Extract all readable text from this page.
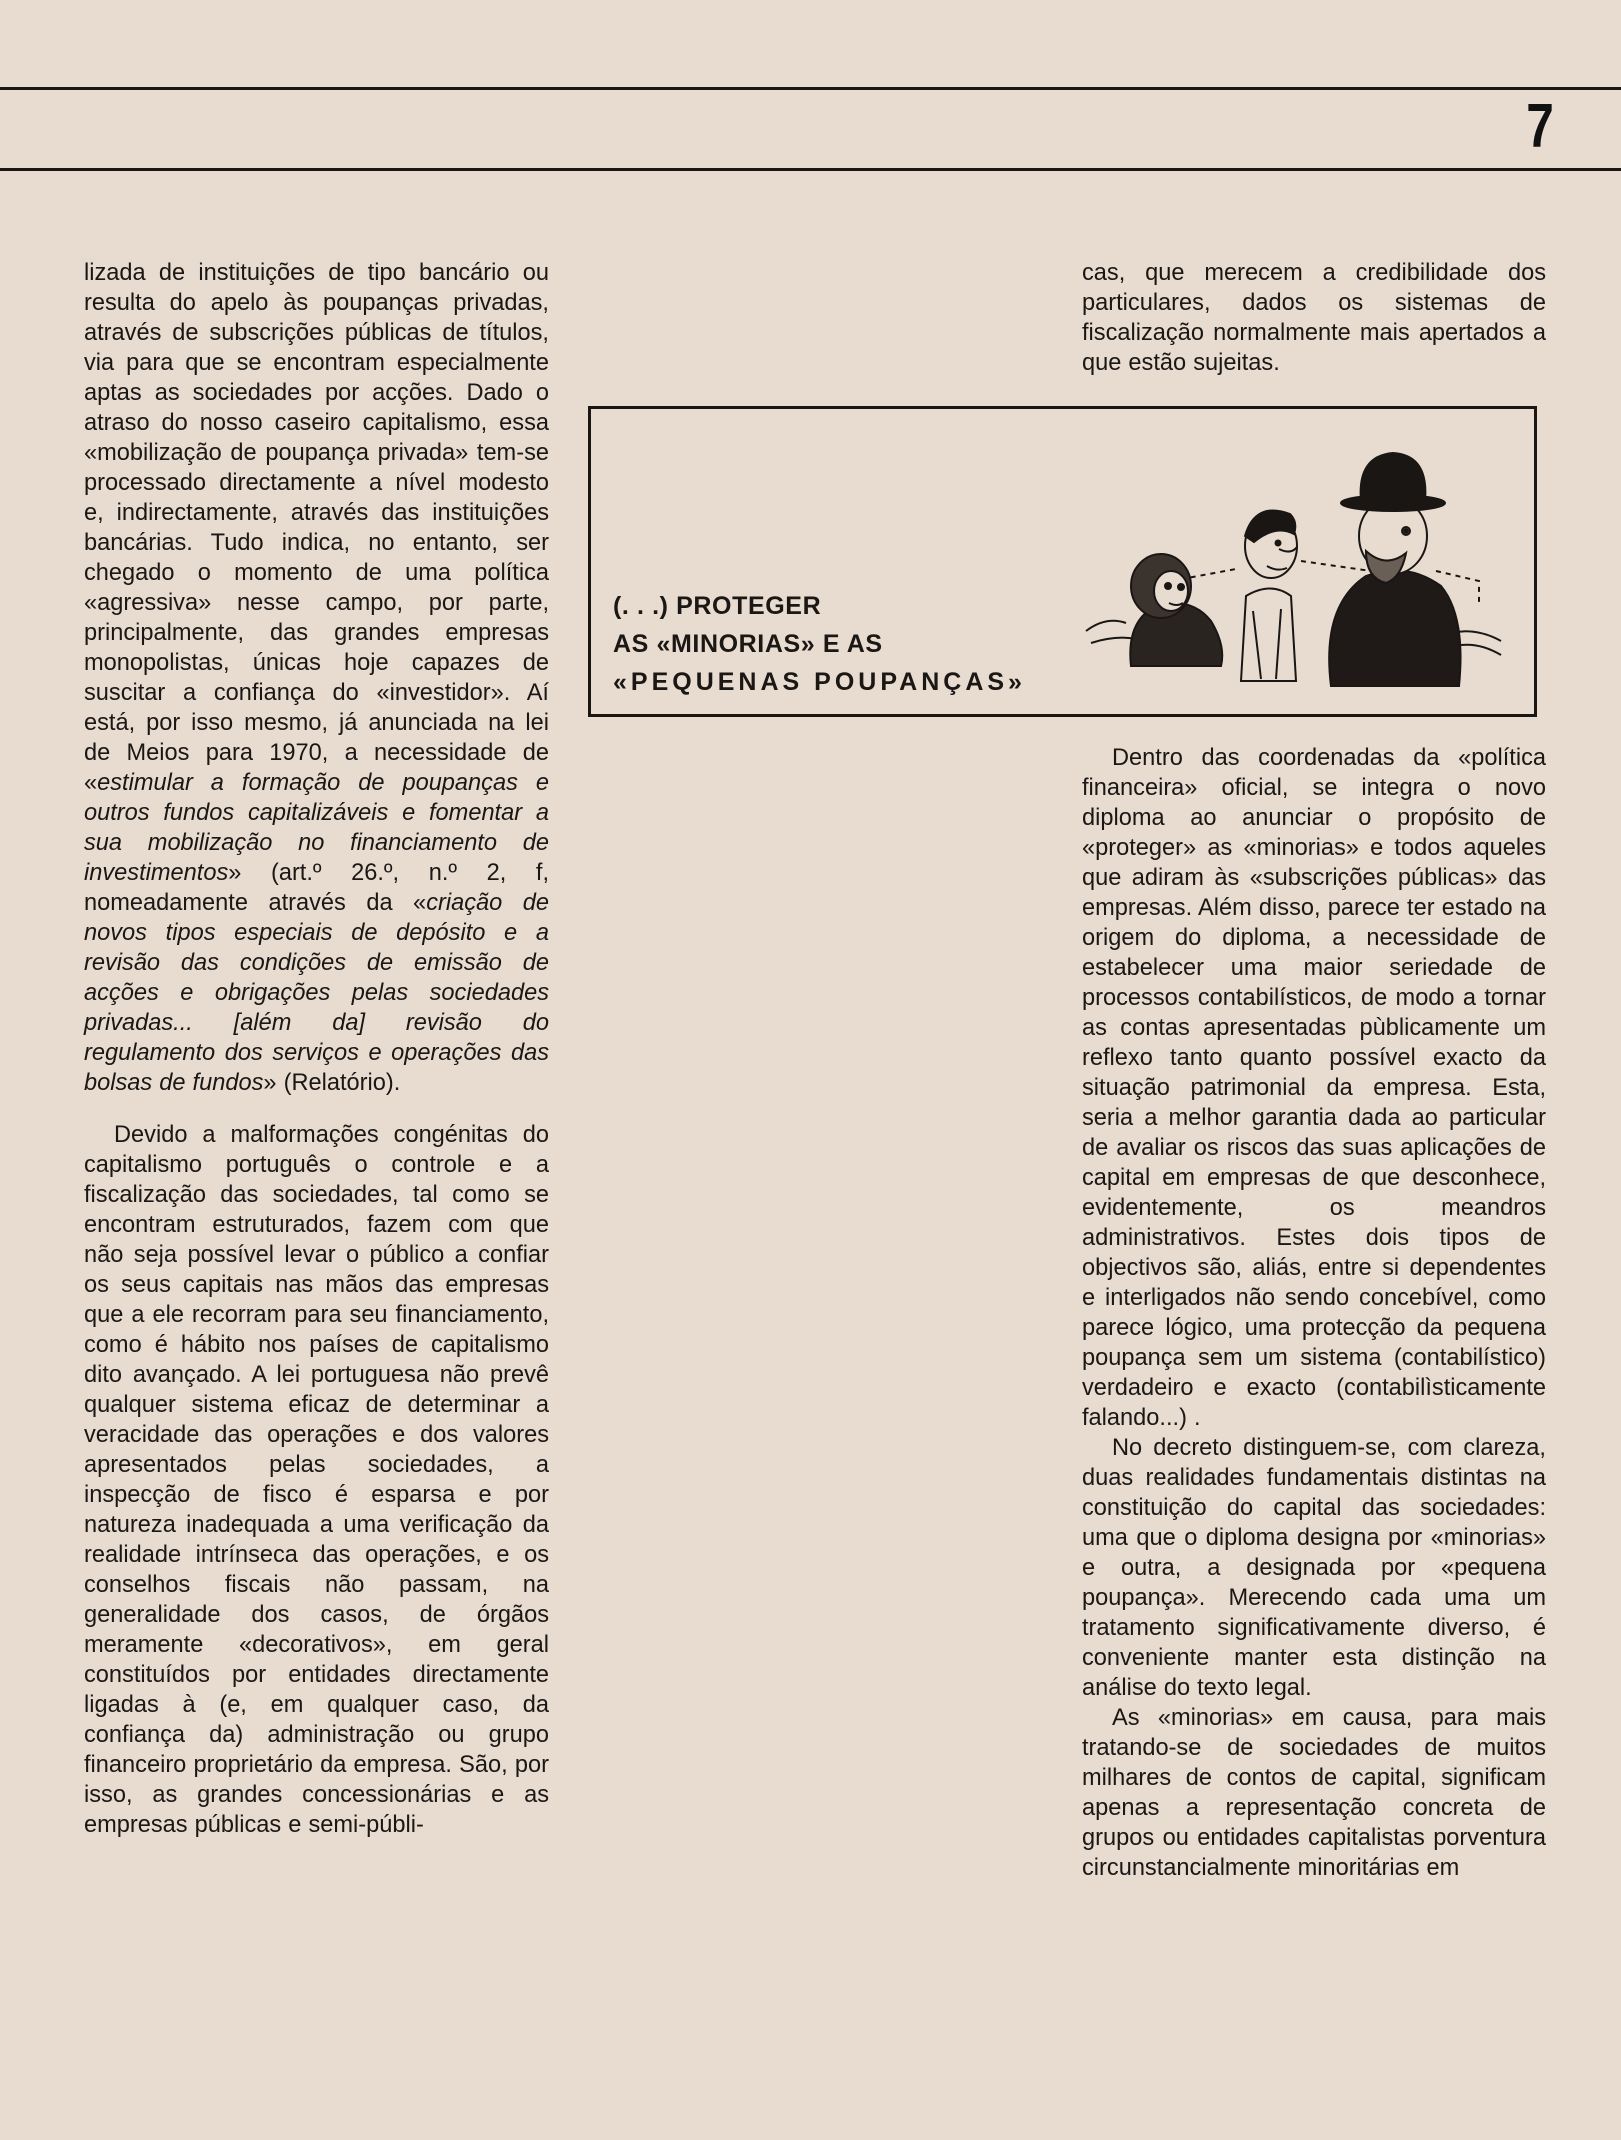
7

lizada de instituições de tipo bancário ou resulta do apelo às poupanças privadas, através de subscrições públicas de títulos, via para que se encontram especialmente aptas as sociedades por acções. Dado o atraso do nosso caseiro capitalismo, essa «mobilização de poupança privada» tem-se processado directamente a nível modesto e, indirectamente, através das instituições bancárias. Tudo indica, no entanto, ser chegado o momento de uma política «agressiva» nesse campo, por parte, principalmente, das grandes empresas monopolistas, únicas hoje capazes de suscitar a confiança do «investidor». Aí está, por isso mesmo, já anunciada na lei de Meios para 1970, a necessidade de «estimular a formação de poupanças e outros fundos capitalizáveis e fomentar a sua mobilização no financiamento de investimentos» (art.º 26.º, n.º 2, f, nomeadamente através da «criação de novos tipos especiais de depósito e a revisão das condições de emissão de acções e obrigações pelas sociedades privadas... [além da] revisão do regulamento dos serviços e operações das bolsas de fundos» (Relatório).

Devido a malformações congénitas do capitalismo português o controle e a fiscalização das sociedades, tal como se encontram estruturados, fazem com que não seja possível levar o público a confiar os seus capitais nas mãos das empresas que a ele recorram para seu financiamento, como é hábito nos países de capitalismo dito avançado. A lei portuguesa não prevê qualquer sistema eficaz de determinar a veracidade das operações e dos valores apresentados pelas sociedades, a inspecção de fisco é esparsa e por natureza inadequada a uma verificação da realidade intrínseca das operações, e os conselhos fiscais não passam, na generalidade dos casos, de órgãos meramente «decorativos», em geral constituídos por entidades directamente ligadas à (e, em qualquer caso, da confiança da) administração ou grupo financeiro proprietário da empresa. São, por isso, as grandes concessionárias e as empresas públicas e semi-públi-

cas, que merecem a credibilidade dos particulares, dados os sistemas de fiscalização normalmente mais apertados a que estão sujeitas.

(. . .) PROTEGER
AS «MINORIAS» E AS
«PEQUENAS POUPANÇAS»

Dentro das coordenadas da «política financeira» oficial, se integra o novo diploma ao anunciar o propósito de «proteger» as «minorias» e todos aqueles que adiram às «subscrições públicas» das empresas. Além disso, parece ter estado na origem do diploma, a necessidade de estabelecer uma maior seriedade de processos contabilísticos, de modo a tornar as contas apresentadas pùblicamente um reflexo tanto quanto possível exacto da situação patrimonial da empresa. Esta, seria a melhor garantia dada ao particular de avaliar os riscos das suas aplicações de capital em empresas de que desconhece, evidentemente, os meandros administrativos. Estes dois tipos de objectivos são, aliás, entre si dependentes e interligados não sendo concebível, como parece lógico, uma protecção da pequena poupança sem um sistema (contabilístico) verdadeiro e exacto (contabilìsticamente falando...) .

No decreto distinguem-se, com clareza, duas realidades fundamentais distintas na constituição do capital das sociedades: uma que o diploma designa por «minorias» e outra, a designada por «pequena poupança». Merecendo cada uma um tratamento significativamente diverso, é conveniente manter esta distinção na análise do texto legal.

As «minorias» em causa, para mais tratando-se de sociedades de muitos milhares de contos de capital, significam apenas a representação concreta de grupos ou entidades capitalistas porventura circunstancialmente minoritárias em
